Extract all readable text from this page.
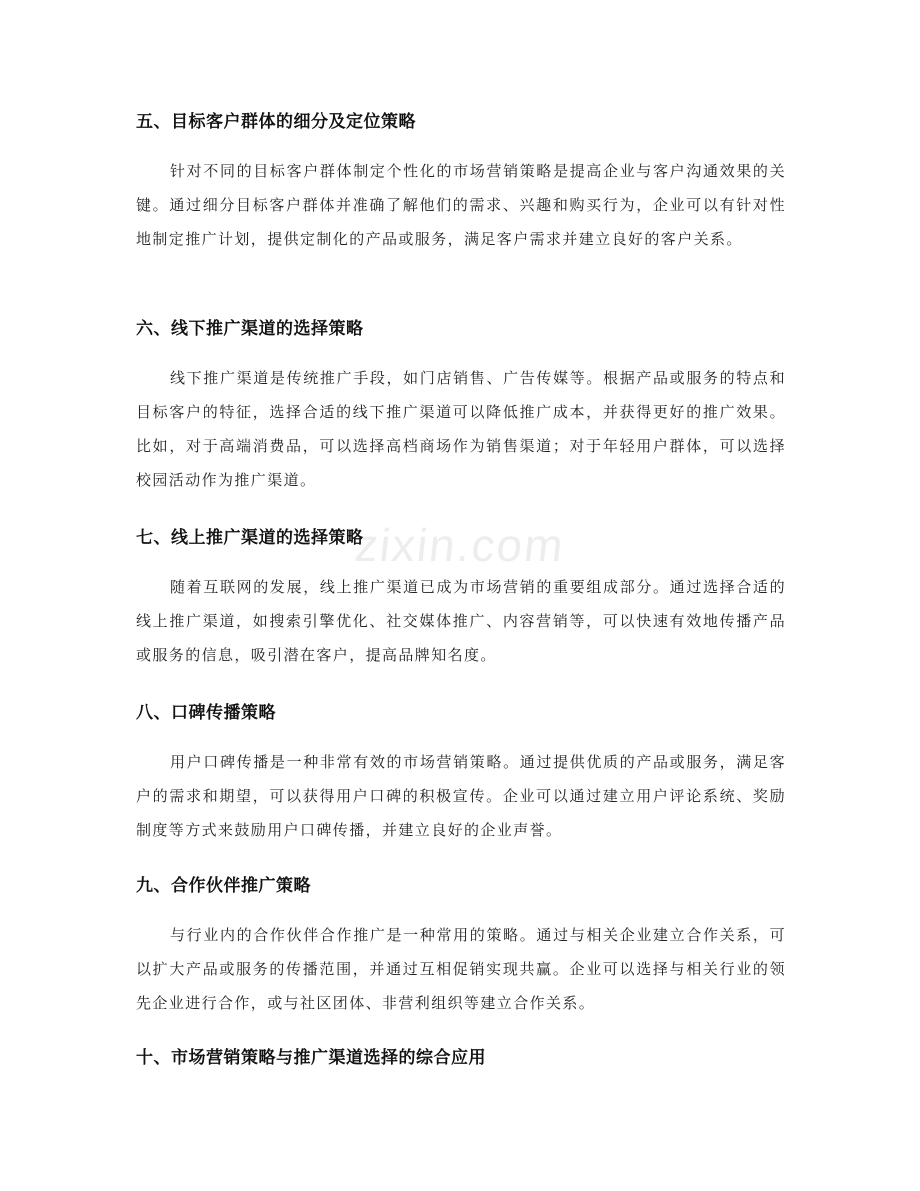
zixin.com
五、目标客户群体的细分及定位策略

针对不同的目标客户群体制定个性化的市场营销策略是提高企业与客户沟通效果的关键。通过细分目标客户群体并准确了解他们的需求、兴趣和购买行为，企业可以有针对性地制定推广计划，提供定制化的产品或服务，满足客户需求并建立良好的客户关系。

六、线下推广渠道的选择策略

线下推广渠道是传统推广手段，如门店销售、广告传媒等。根据产品或服务的特点和目标客户的特征，选择合适的线下推广渠道可以降低推广成本，并获得更好的推广效果。比如，对于高端消费品，可以选择高档商场作为销售渠道；对于年轻用户群体，可以选择校园活动作为推广渠道。

七、线上推广渠道的选择策略

随着互联网的发展，线上推广渠道已成为市场营销的重要组成部分。通过选择合适的线上推广渠道，如搜索引擎优化、社交媒体推广、内容营销等，可以快速有效地传播产品或服务的信息，吸引潜在客户，提高品牌知名度。

八、口碑传播策略

用户口碑传播是一种非常有效的市场营销策略。通过提供优质的产品或服务，满足客户的需求和期望，可以获得用户口碑的积极宣传。企业可以通过建立用户评论系统、奖励制度等方式来鼓励用户口碑传播，并建立良好的企业声誉。

九、合作伙伴推广策略

与行业内的合作伙伴合作推广是一种常用的策略。通过与相关企业建立合作关系，可以扩大产品或服务的传播范围，并通过互相促销实现共赢。企业可以选择与相关行业的领先企业进行合作，或与社区团体、非营利组织等建立合作关系。

十、市场营销策略与推广渠道选择的综合应用
